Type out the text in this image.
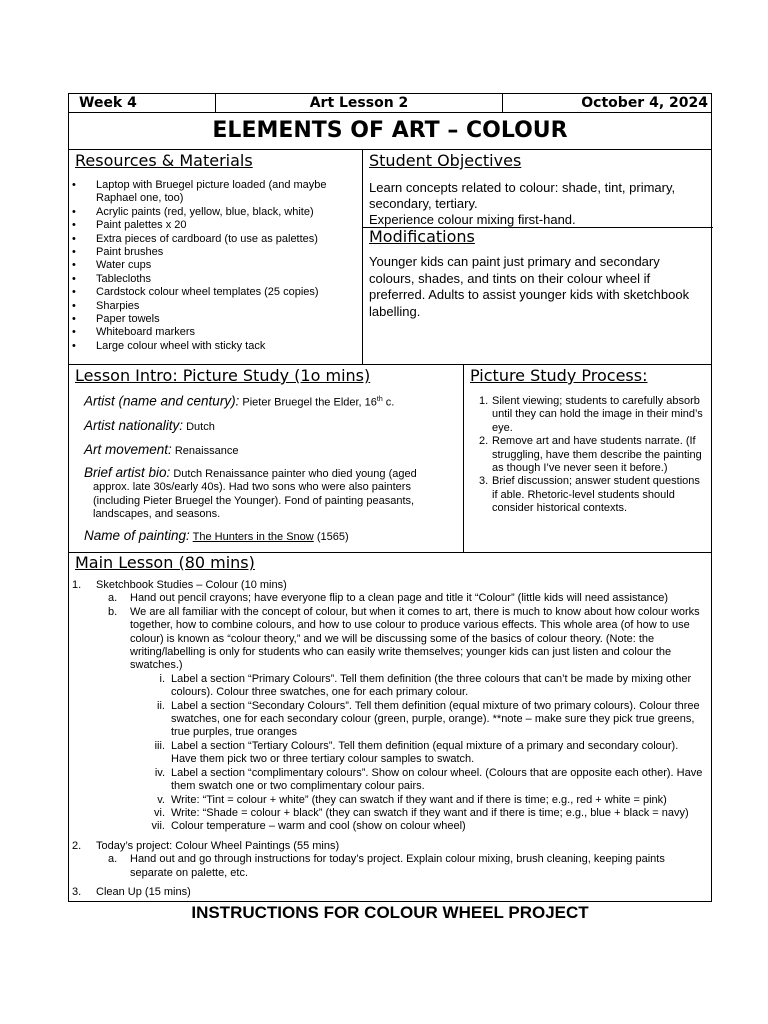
Week 4	Art Lesson 2	October 4, 2024
ELEMENTS OF ART – COLOUR
Resources & Materials
• Laptop with Bruegel picture loaded (and maybe Raphael one, too)
• Acrylic paints (red, yellow, blue, black, white)
• Paint palettes x 20
• Extra pieces of cardboard (to use as palettes)
• Paint brushes
• Water cups
• Tablecloths
• Cardstock colour wheel templates (25 copies)
• Sharpies
• Paper towels
• Whiteboard markers
• Large colour wheel with sticky tack
Student Objectives
Learn concepts related to colour: shade, tint, primary, secondary, tertiary.
Experience colour mixing first-hand.
Modifications
Younger kids can paint just primary and secondary colours, shades, and tints on their colour wheel if preferred. Adults to assist younger kids with sketchbook labelling.
Lesson Intro: Picture Study (1o mins)
Artist (name and century): Pieter Bruegel the Elder, 16th c.
Artist nationality: Dutch
Art movement: Renaissance
Brief artist bio: Dutch Renaissance painter who died young (aged
approx. late 30s/early 40s). Had two sons who were also painters (including Pieter Bruegel the Younger). Fond of painting peasants, landscapes, and seasons.
Name of painting: The Hunters in the Snow (1565)
Picture Study Process:
1. Silent viewing; students to carefully absorb until they can hold the image in their mind’s eye.
2. Remove art and have students narrate. (If struggling, have them describe the painting as though I’ve never seen it before.)
3. Brief discussion; answer student questions if able. Rhetoric-level students should consider historical contexts.
Main Lesson (80 mins)
1. Sketchbook Studies – Colour (10 mins)
a. Hand out pencil crayons; have everyone flip to a clean page and title it “Colour” (little kids will need assistance)
b. We are all familiar with the concept of colour, but when it comes to art, there is much to know about how colour works together, how to combine colours, and how to use colour to produce various effects. This whole area (of how to use colour) is known as “colour theory,” and we will be discussing some of the basics of colour theory. (Note: the writing/labelling is only for students who can easily write themselves; younger kids can just listen and colour the swatches.)
i. Label a section “Primary Colours”. Tell them definition (the three colours that can’t be made by mixing other colours). Colour three swatches, one for each primary colour.
ii. Label a section “Secondary Colours”. Tell them definition (equal mixture of two primary colours). Colour three swatches, one for each secondary colour (green, purple, orange). **note – make sure they pick true greens, true purples, true oranges
iii. Label a section “Tertiary Colours”. Tell them definition (equal mixture of a primary and secondary colour). Have them pick two or three tertiary colour samples to swatch.
iv. Label a section “complimentary colours”. Show on colour wheel. (Colours that are opposite each other). Have them swatch one or two complimentary colour pairs.
v. Write: “Tint = colour + white” (they can swatch if they want and if there is time; e.g., red + white = pink)
vi. Write: “Shade = colour + black” (they can swatch if they want and if there is time; e.g., blue + black = navy)
vii. Colour temperature – warm and cool (show on colour wheel)
2. Today’s project: Colour Wheel Paintings (55 mins)
a. Hand out and go through instructions for today’s project. Explain colour mixing, brush cleaning, keeping paints separate on palette, etc.
3. Clean Up (15 mins)
INSTRUCTIONS FOR COLOUR WHEEL PROJECT
